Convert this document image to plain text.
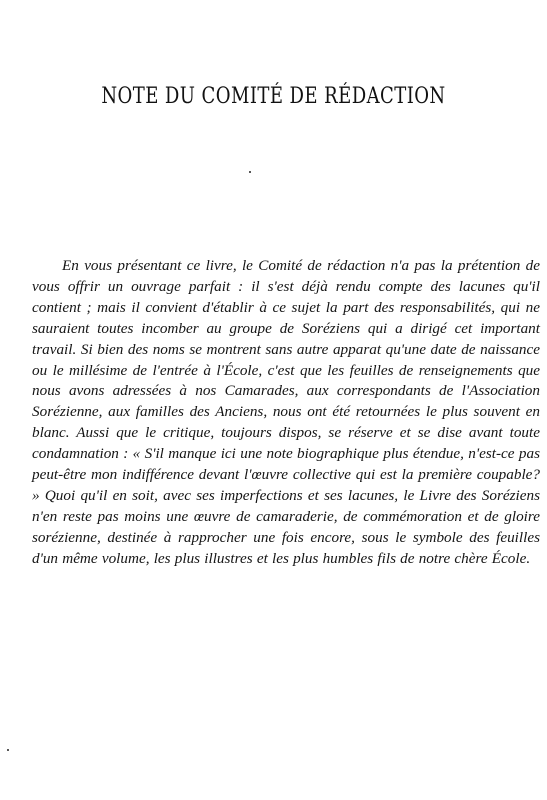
NOTE DU COMITÉ DE RÉDACTION

En vous présentant ce livre, le Comité de rédaction n'a pas la prétention de vous offrir un ouvrage parfait : il s'est déjà rendu compte des lacunes qu'il contient ; mais il convient d'établir à ce sujet la part des responsabilités, qui ne sauraient toutes incomber au groupe de Soréziens qui a dirigé cet important travail. Si bien des noms se montrent sans autre apparat qu'une date de naissance ou le millésime de l'entrée à l'École, c'est que les feuilles de renseignements que nous avons adressées à nos Camarades, aux correspondants de l'Association Sorézienne, aux familles des Anciens, nous ont été retournées le plus souvent en blanc. Aussi que le critique, toujours dispos, se réserve et se dise avant toute condamnation : « S'il manque ici une note biographique plus étendue, n'est-ce pas peut-être mon indifférence devant l'œuvre collective qui est la première coupable? » Quoi qu'il en soit, avec ses imperfections et ses lacunes, le Livre des Soréziens n'en reste pas moins une œuvre de camaraderie, de commémoration et de gloire sorézienne, destinée à rapprocher une fois encore, sous le symbole des feuilles d'un même volume, les plus illustres et les plus humbles fils de notre chère École.
